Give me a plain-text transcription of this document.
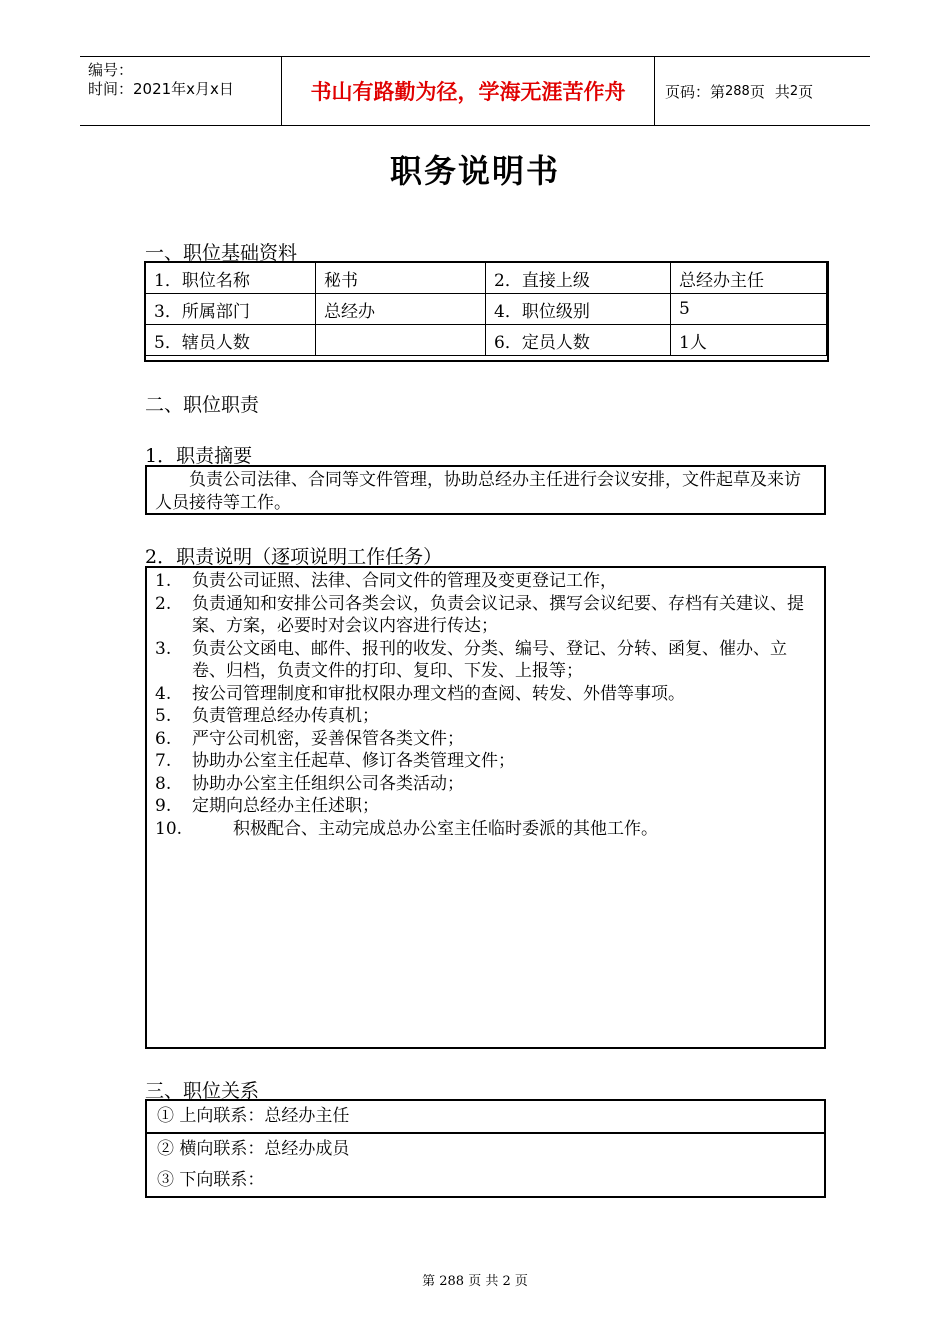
编号：
时间：2021年x月x日	书山有路勤为径，学海无涯苦作舟	页码：第 288 页 共 2 页
职务说明书
一、职位基础资料
1．职位名称	秘书	2．直接上级	总经办主任
3．所属部门	总经办	4．职位级别	5
5．辖员人数		6．定员人数	1人
二、职位职责
1．职责摘要
负责公司法律、合同等文件管理，协助总经办主任进行会议安排，文件起草及来访人员接待等工作。
2．职责说明（逐项说明工作任务）
1. 负责公司证照、法律、合同文件的管理及变更登记工作，
2. 负责通知和安排公司各类会议，负责会议记录、撰写会议纪要、存档有关建议、提案、方案，必要时对会议内容进行传达；
3. 负责公文函电、邮件、报刊的收发、分类、编号、登记、分转、函复、催办、立卷、归档，负责文件的打印、复印、下发、上报等；
4. 按公司管理制度和审批权限办理文档的查阅、转发、外借等事项。
5. 负责管理总经办传真机；
6. 严守公司机密，妥善保管各类文件；
7. 协助办公室主任起草、修订各类管理文件；
8. 协助办公室主任组织公司各类活动；
9. 定期向总经办主任述职；
10.	积极配合、主动完成总办公室主任临时委派的其他工作。
三、职位关系
① 上向联系：总经办主任
② 横向联系：总经办成员
③ 下向联系：
第 288 页 共 2 页
